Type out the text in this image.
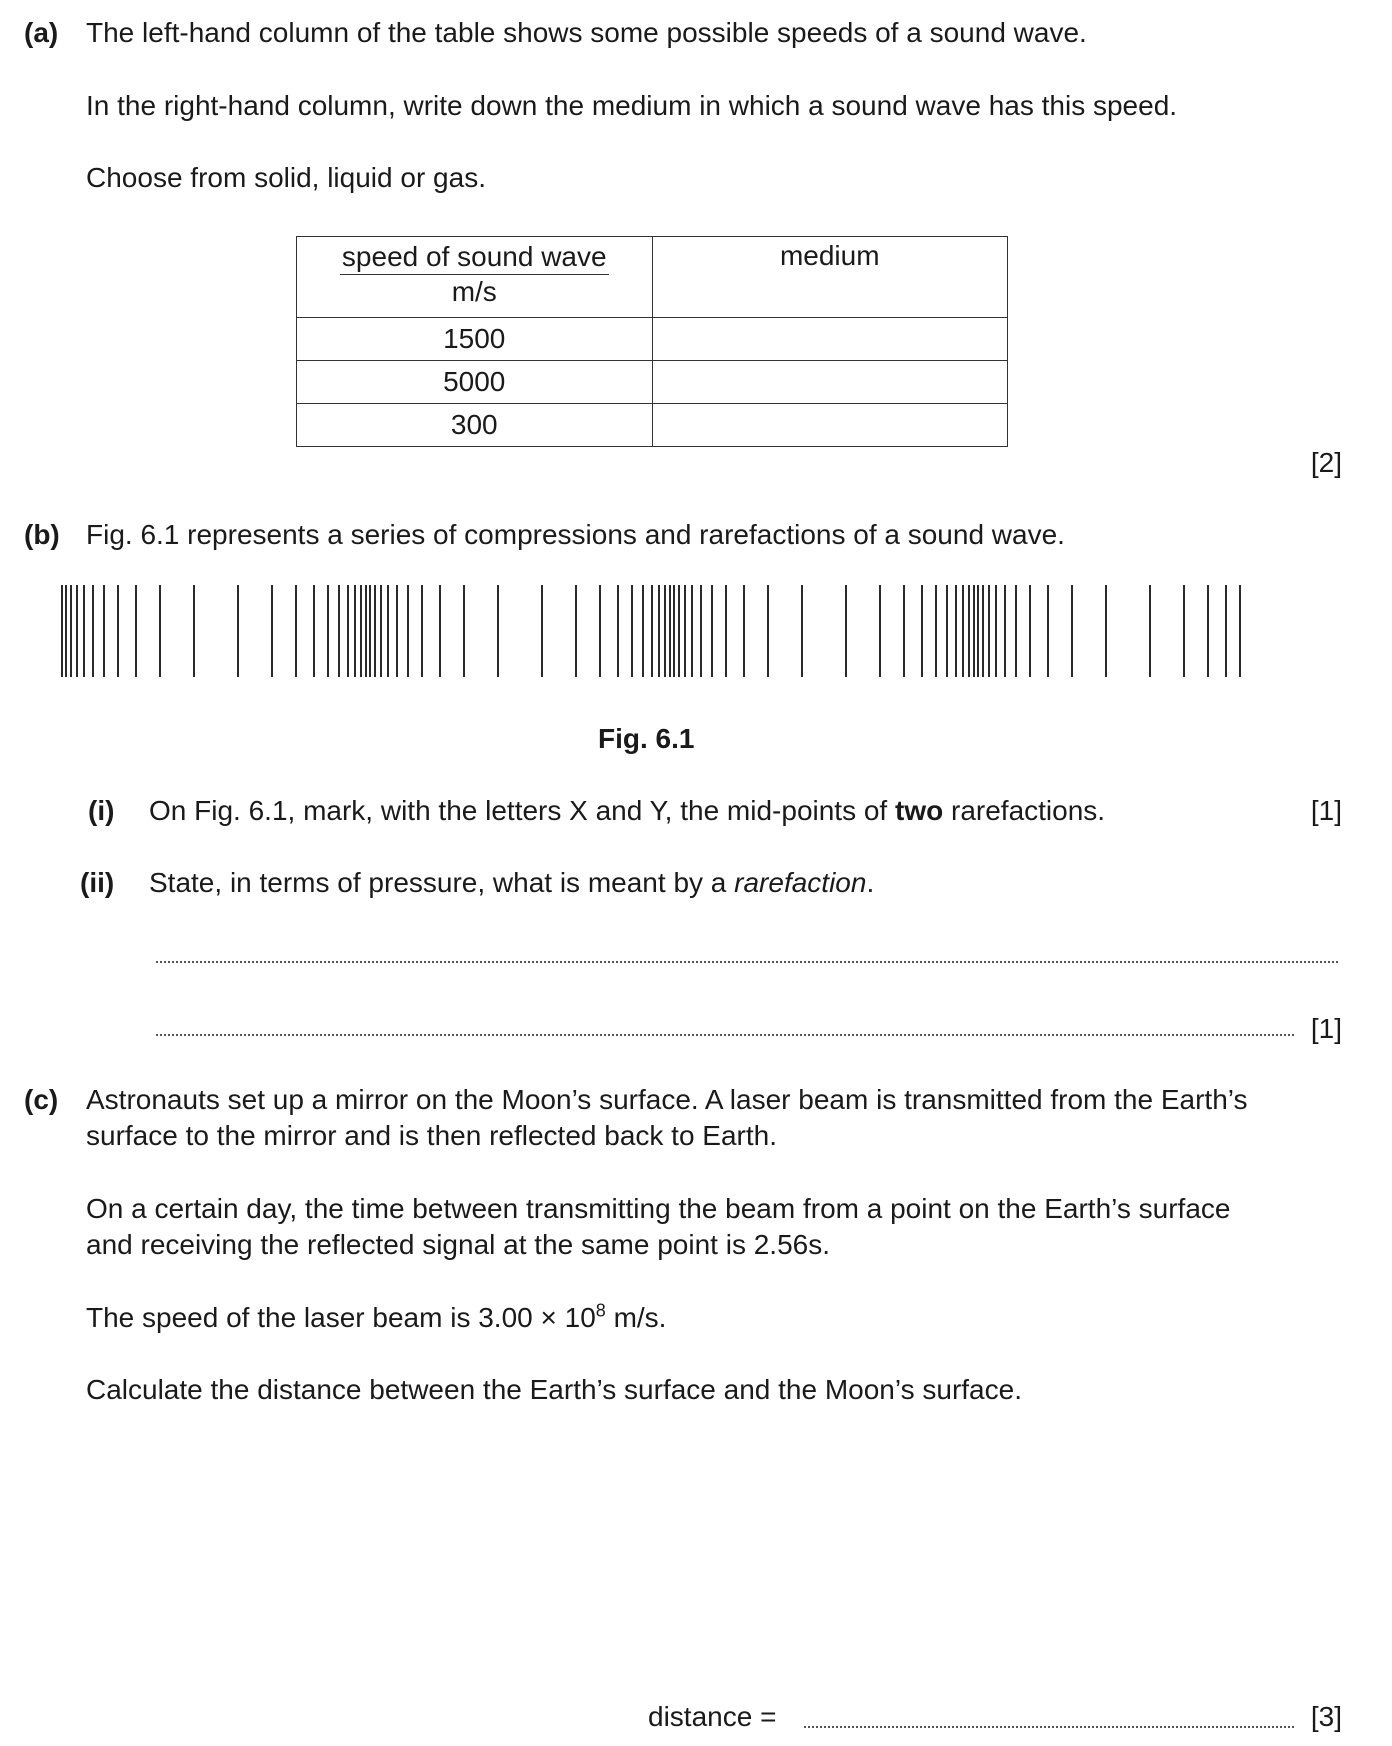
(a) The left-hand column of the table shows some possible speeds of a sound wave.
In the right-hand column, write down the medium in which a sound wave has this speed.
Choose from solid, liquid or gas.
speed of sound wave
m/s	medium

1500	
5000	
300	
[2]
(b) Fig. 6.1 represents a series of compressions and rarefactions of a sound wave.
Fig. 6.1
(i) On Fig. 6.1, mark, with the letters X and Y, the mid-points of two rarefactions.	[1]
(ii) State, in terms of pressure, what is meant by a rarefaction.
[1]
(c) Astronauts set up a mirror on the Moon’s surface. A laser beam is transmitted from the Earth’s
surface to the mirror and is then reflected back to Earth.
On a certain day, the time between transmitting the beam from a point on the Earth’s surface
and receiving the reflected signal at the same point is 2.56s.
The speed of the laser beam is $3.00 \times 10^8$ m/s.
Calculate the distance between the Earth’s surface and the Moon’s surface.
distance =	[3]
